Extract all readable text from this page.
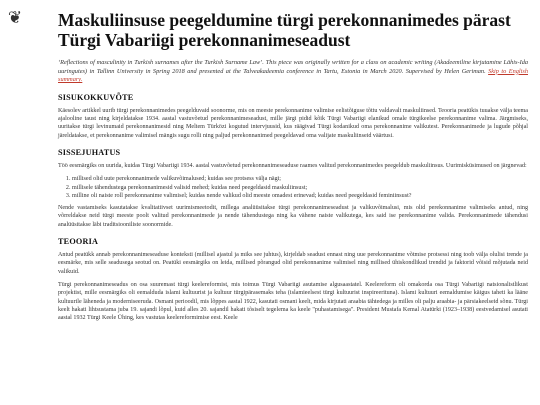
❦ Maskuliinsuse peegeldumine türgi perekonnanimedes pärast Türgi Vabariigi perekonnanimeseadust

‘Reflections of masculinity in Turkish surnames after the Turkish Surname Law’. This piece was originally written for a class on academic writing (Akadeemiline kirjutamine Lähis-Ida uuringutes) in Tallinn University in Spring 2018 and presented at the Talveakadeemia conference in Tartu, Estonia in March 2020. Supervised by Helen Geriman. Skip to English summary.

SISUKOKKUVÕTE

Käesolev artikkel uurib türgi perekonnanimedes peegelduvaid soonorme, mis on meeste perekonnanime valimise eelistõigusе tõttu valdavalt maskuliinsed. Teooria peatükis tuuakse välja teema ajalooline taust ning kirjeldatakse 1934. aastal vastuvõetud perekonnanimeseadust, mille järgi pidid kõik Türgi Vabariigi elanikud omale türgikeelse perekonnanime valima. Järgmiseks, uuritakse türgi levinumaid perekonnanimesid ning Meltem Türközi kogutud intervjuusid, kus räägivad Türgi kodanikud oma perekonnanime valikutest. Perekonnanimede ja lugude põhjal järeldatakse, et perekonnanime valimisel mängis sugu rolli ning paljud perekonnanimed peegeldavad oma valijate maskuliinseid väärtusi.

SISSEJUHATUS

Töö eesmärgiks on uurida, kuidas Türgi Vabariigi 1934. aastal vastuvõetud perekonnanimeseaduse raames valitud perekonnanimedes peegeldub maskuliinsus. Uurimisküsimused on järgnevad:

1. millised olid uute perekonnanimede valikuvõimalused; kuidas see protsess välja nägi;
2. millisele tähendustega perekonnanimesid valisid mehed; kuidas need peegeldasid maskuliinsust;
3. milline oli naiste roll perekonnanime valimisel; kuidas nende valikud olid meeste omadest erinevad; kuidas need peegeldasid feminiinsust?

Nende vastamiseks kasutatakse kvalitatiivset uurimismeetodit, millega analüüsitakse türgi perekonnanimeseadust ja valikuvõimalusi, mis olid perekonnanime valimiseks antud, ning võrreldakse neid türgi meeste poolt valitud perekonnanimede ja nende tähendustega ning ka vähene naiste valikutega, kes said ise perekonnanime valida. Perekonnanimede tähendusi analüüsitakse läbi traditsiooniliste soonormide.

TEOORIA

Antud peatükk annab perekonnanimeseaduse konteksti (millisel ajastul ja miks see juhtus), kirjeldab seadust ennast ning uue perekonnanime võtmise protsessi ning toob välja olulisi trende ja eesmärke, mis selle seadusega seotud on. Peatüki eesmärgiks on leida, millised põrangud olid perekonnanime valimisel ning millised ühiskondlikud trendid ja faktorid võisid mõjutada neid valikuid.

Türgi perekonnanimeseadus on osa suuremast türgi keelereformist, mis toimus Türgi Vabariigi asutamise algusaastatel. Keelereform oli omakorda osa Türgi Vabariigi natsionalistlikust projektist, mille eesmärgiks oli eemalduda islami kultuurist ja kultuur türgipärasemaks teha (islamieelsest türgi kultuurist inspireerituna). Islami kultuuri eemaldumise käigus taheti ka läänе kultuurile lähеneda ja moderniseeruda. Osmani perioodil, mis lõppes aastal 1922, kasutati osmani keelt, mida kirjutati araabia tähtedega ja milles oli palju araabia- ja pärsiakeelseid sõnu. Türgi keelt hakati lihtsustama juba 19. sajandi lõpul, kuid alles 20. sajandil hakati tõsiselt tegelema ka keele "puhastamisega". President Mustafa Kemal Atatürki (1923–1938) eestvedamisel asutati aastal 1932 Türgi Keele Ühing, kes vastutas keelereformimise eest. Keele
